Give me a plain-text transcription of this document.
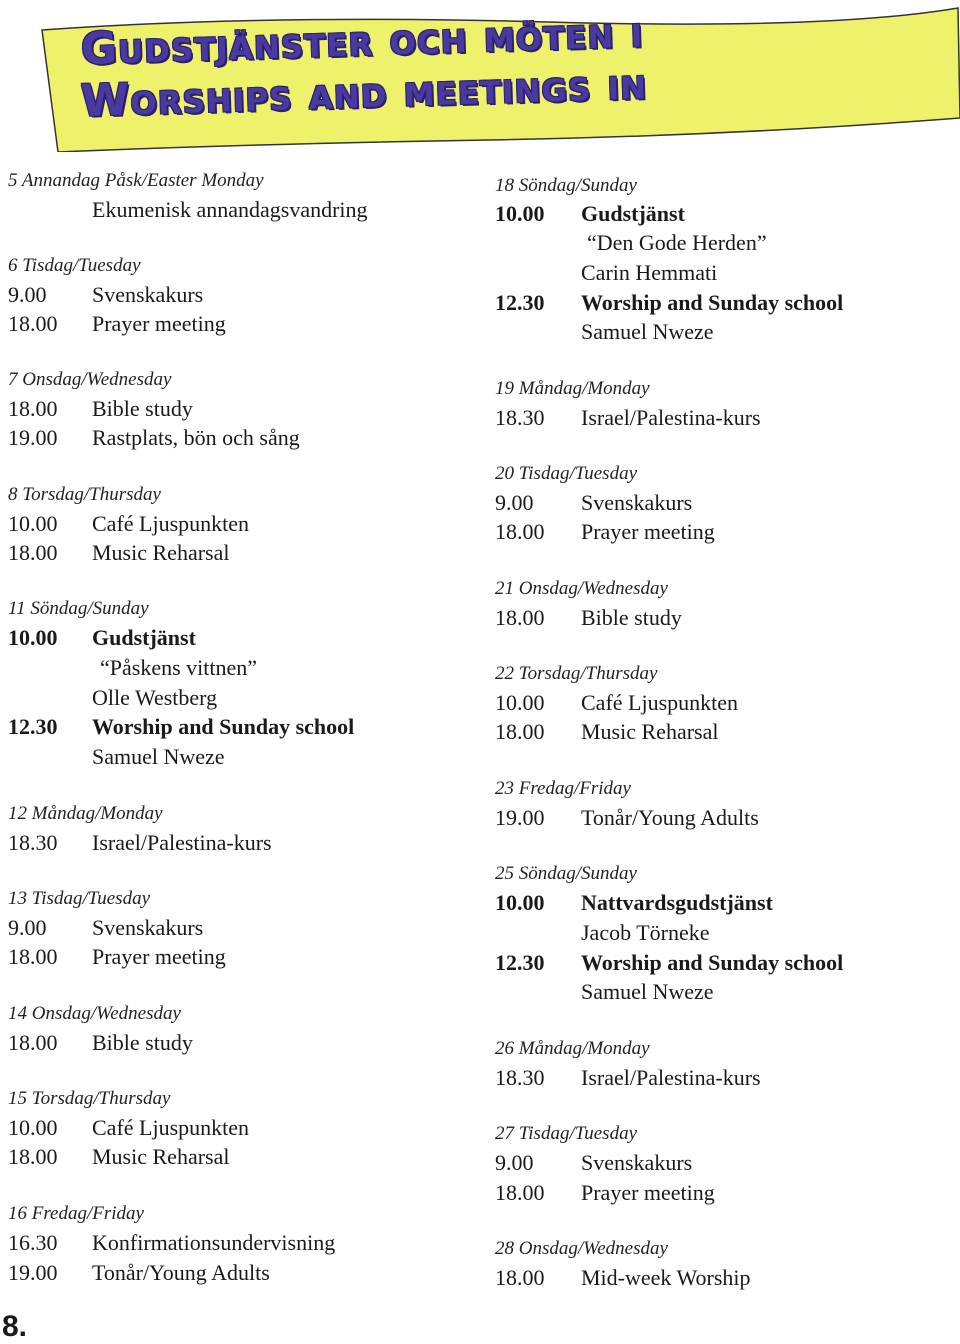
Gudstjänster och möten i
Worships and meetings in
5 Annandag Påsk/Easter Monday
Ekumenisk annandagsvandring
6 Tisdag/Tuesday
9.00 Svenskakurs
18.00 Prayer meeting
7 Onsdag/Wednesday
18.00 Bible study
19.00 Rastplats, bön och sång
8 Torsdag/Thursday
10.00 Café Ljuspunkten
18.00 Music Reharsal
11 Söndag/Sunday
10.00 Gudstjänst
“Påskens vittnen”
Olle Westberg
12.30 Worship and Sunday school
Samuel Nweze
12 Måndag/Monday
18.30 Israel/Palestina-kurs
13 Tisdag/Tuesday
9.00 Svenskakurs
18.00 Prayer meeting
14 Onsdag/Wednesday
18.00 Bible study
15 Torsdag/Thursday
10.00 Café Ljuspunkten
18.00 Music Reharsal
16 Fredag/Friday
16.30 Konfirmationsundervisning
19.00 Tonår/Young Adults
18 Söndag/Sunday
10.00 Gudstjänst
“Den Gode Herden”
Carin Hemmati
12.30 Worship and Sunday school
Samuel Nweze
19 Måndag/Monday
18.30 Israel/Palestina-kurs
20 Tisdag/Tuesday
9.00 Svenskakurs
18.00 Prayer meeting
21 Onsdag/Wednesday
18.00 Bible study
22 Torsdag/Thursday
10.00 Café Ljuspunkten
18.00 Music Reharsal
23 Fredag/Friday
19.00 Tonår/Young Adults
25 Söndag/Sunday
10.00 Nattvardsgudstjänst
Jacob Törneke
12.30 Worship and Sunday school
Samuel Nweze
26 Måndag/Monday
18.30 Israel/Palestina-kurs
27 Tisdag/Tuesday
9.00 Svenskakurs
18.00 Prayer meeting
28 Onsdag/Wednesday
18.00 Mid-week Worship
8.
